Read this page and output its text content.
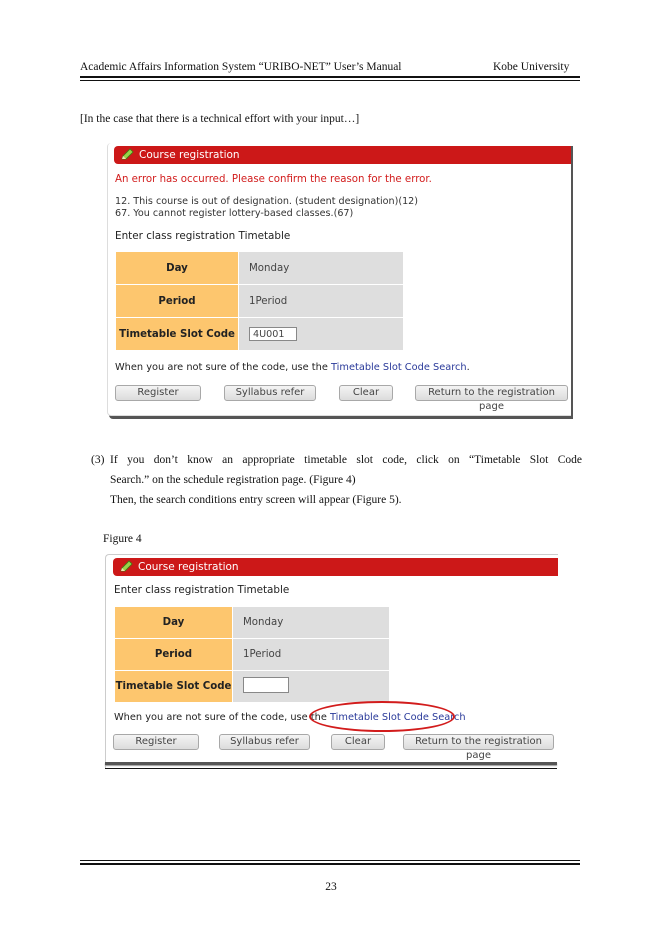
Academic Affairs Information System “URIBO-NET” User’s Manual	Kobe University
[In the case that there is a technical effort with your input…]
Course registration
An error has occurred. Please confirm the reason for the error.
12. This course is out of designation. (student designation)(12)
67. You cannot register lottery-based classes.(67)
Enter class registration Timetable
Day	Monday
Period	1Period
Timetable Slot Code	4U001
When you are not sure of the code, use the Timetable Slot Code Search.
Register	Syllabus refer	Clear	Return to the registration page
(3) If you don’t know an appropriate timetable slot code, click on “Timetable Slot Code
Search.” on the schedule registration page. (Figure 4)
Then, the search conditions entry screen will appear (Figure 5).
Figure 4
Course registration
Enter class registration Timetable
Day	Monday
Period	1Period
Timetable Slot Code	
When you are not sure of the code, use the Timetable Slot Code Search
Register	Syllabus refer	Clear	Return to the registration page
23
